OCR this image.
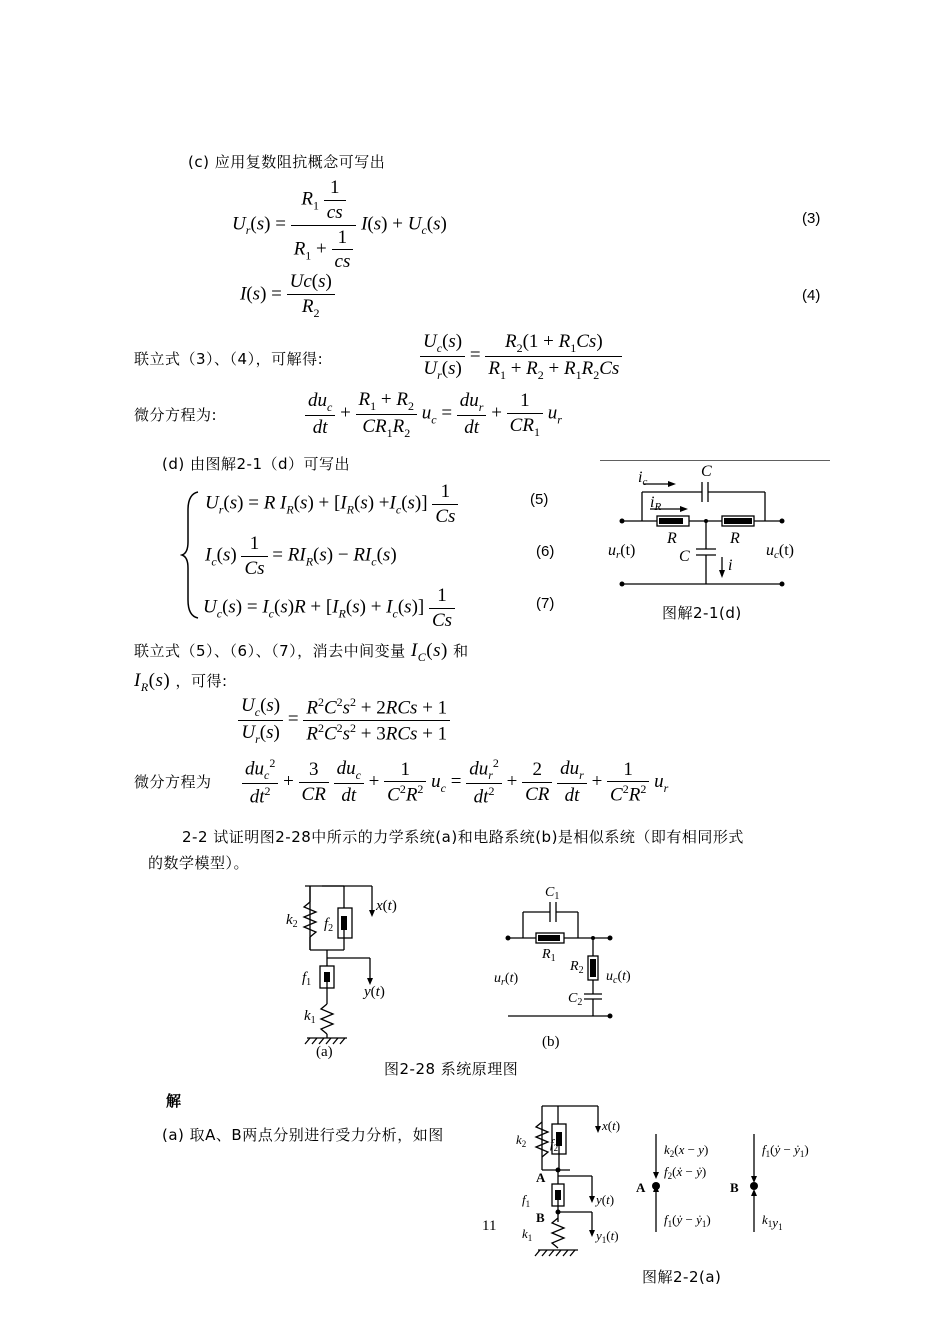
(c) 应用复数阻抗概念可写出
$U_r(s) = \frac{R_1 \frac{1}{cs}}{R_1 + \frac{1}{cs}} I(s) + U_c(s)$	(3)
$I(s) = \frac{Uc(s)}{R_2}$	(4)
联立式（3）、（4），可解得:	$\frac{U_c(s)}{U_r(s)} = \frac{R_2(1 + R_1Cs)}{R_1 + R_2 + R_1R_2Cs}$
微分方程为:
$du_c$
dt
+ $\frac{R_1 + R_2}{CR_1R_2} u_c$ =
$du_r$
dt
+ $\frac{1}{CR_1} u_r$
(d) 由图解2-1（d）可写出
$U_r(s) = R$ $I_R(s) + [I_R(s) +I_c(s)] \frac{1}{Cs}$	(5)
$I_c(s) \frac{1}{Cs} = RI_R(s) - RI_c(s)$	(6)
$U_c(s) = I_c(s)R + [I_R(s) + I_c(s)] \frac{1}{Cs}$	(7)
ic
C
iR
R	R
C
i
ur(t)	uc(t)
图解2-1(d)
联立式（5）、（6）、（7），消去中间变量 $I_C(s)$ 和
$I_R(s)$ ，可得:
$\frac{U_c(s)}{U_r(s)}$ =
$R^2C^2s^2 + 2RCs + 1$
$R^2C^2s^2 + 3RCs + 1$
微分方程为
$du_c^2$
$dt^2 + \frac{3}{CR}$
$du_c$
dt
+ $\frac{1}{C^2R^2} u_c$ =
$du_r^2$
$dt^2 + \frac{2}{CR}$
$du_r$
dt
+ $\frac{1}{C^2R^2} u_r$
2-2 试证明图2-28中所示的力学系统(a)和电路系统(b)是相似系统（即有相同形式
的数学模型）。
$k_2$ $f_2$
x(t)
$f_1$
y(t)
$k_1$
(a)
$C_1$
$R_1$
$R_2$
$C_2$
$u_r(t)$	$u_c(t)$
(b)
图2-28 系统原理图
解
(a) 取A、B两点分别进行受力分析，如图	$k_2$ $f_2$
x(t)
A
$f_1$	y(t)
B
$k_1$	$y_1(t)$
A	B
$k_2(x - y)$
$f_2(ẋ$ − ẏ)
$f_1(ẏ$ − ẏ$_1$)
$f_1(ẏ$ − ẏ$_1$)
$k_1y_1$
11
图解2-2(a)
